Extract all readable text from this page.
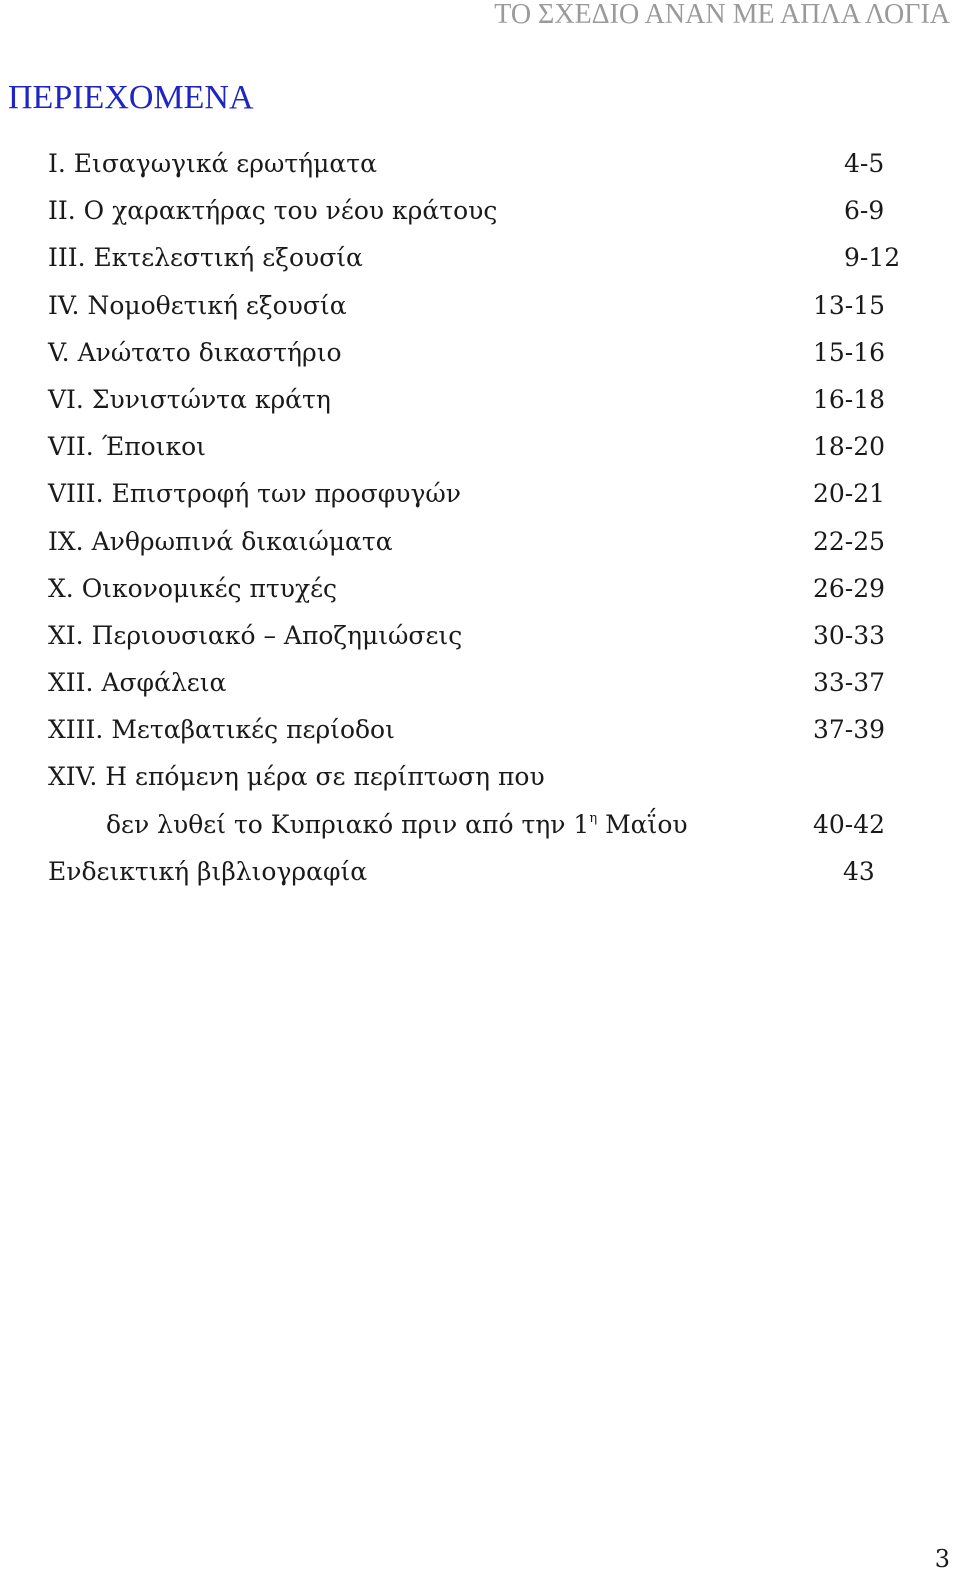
ΤΟ ΣΧΕΔΙΟ ΑΝΑΝ ΜΕ ΑΠΛΑ ΛΟΓΙΑ
ΠΕΡΙΕΧΟΜΕΝΑ
I. Εισαγωγικά ερωτήματα	4-5
II. Ο χαρακτήρας του νέου κράτους	6-9
III. Εκτελεστική εξουσία	9-12
IV. Νομοθετική εξουσία	13-15
V. Ανώτατο δικαστήριο	15-16
VI. Συνιστώντα κράτη	16-18
VII. Έποικοι	18-20
VIII. Επιστροφή των προσφυγών	20-21
IX. Ανθρωπινά δικαιώματα	22-25
X. Οικονομικές πτυχές	26-29
XI. Περιουσιακό – Αποζημιώσεις	30-33
XII. Ασφάλεια	33-37
XIII. Μεταβατικές περίοδοι	37-39
XIV. Η επόμενη μέρα σε περίπτωση που
δεν λυθεί το Κυπριακό πριν από την $1^\eta$ Μαΐου	40-42
Ενδεικτική βιβλιογραφία	43
3
